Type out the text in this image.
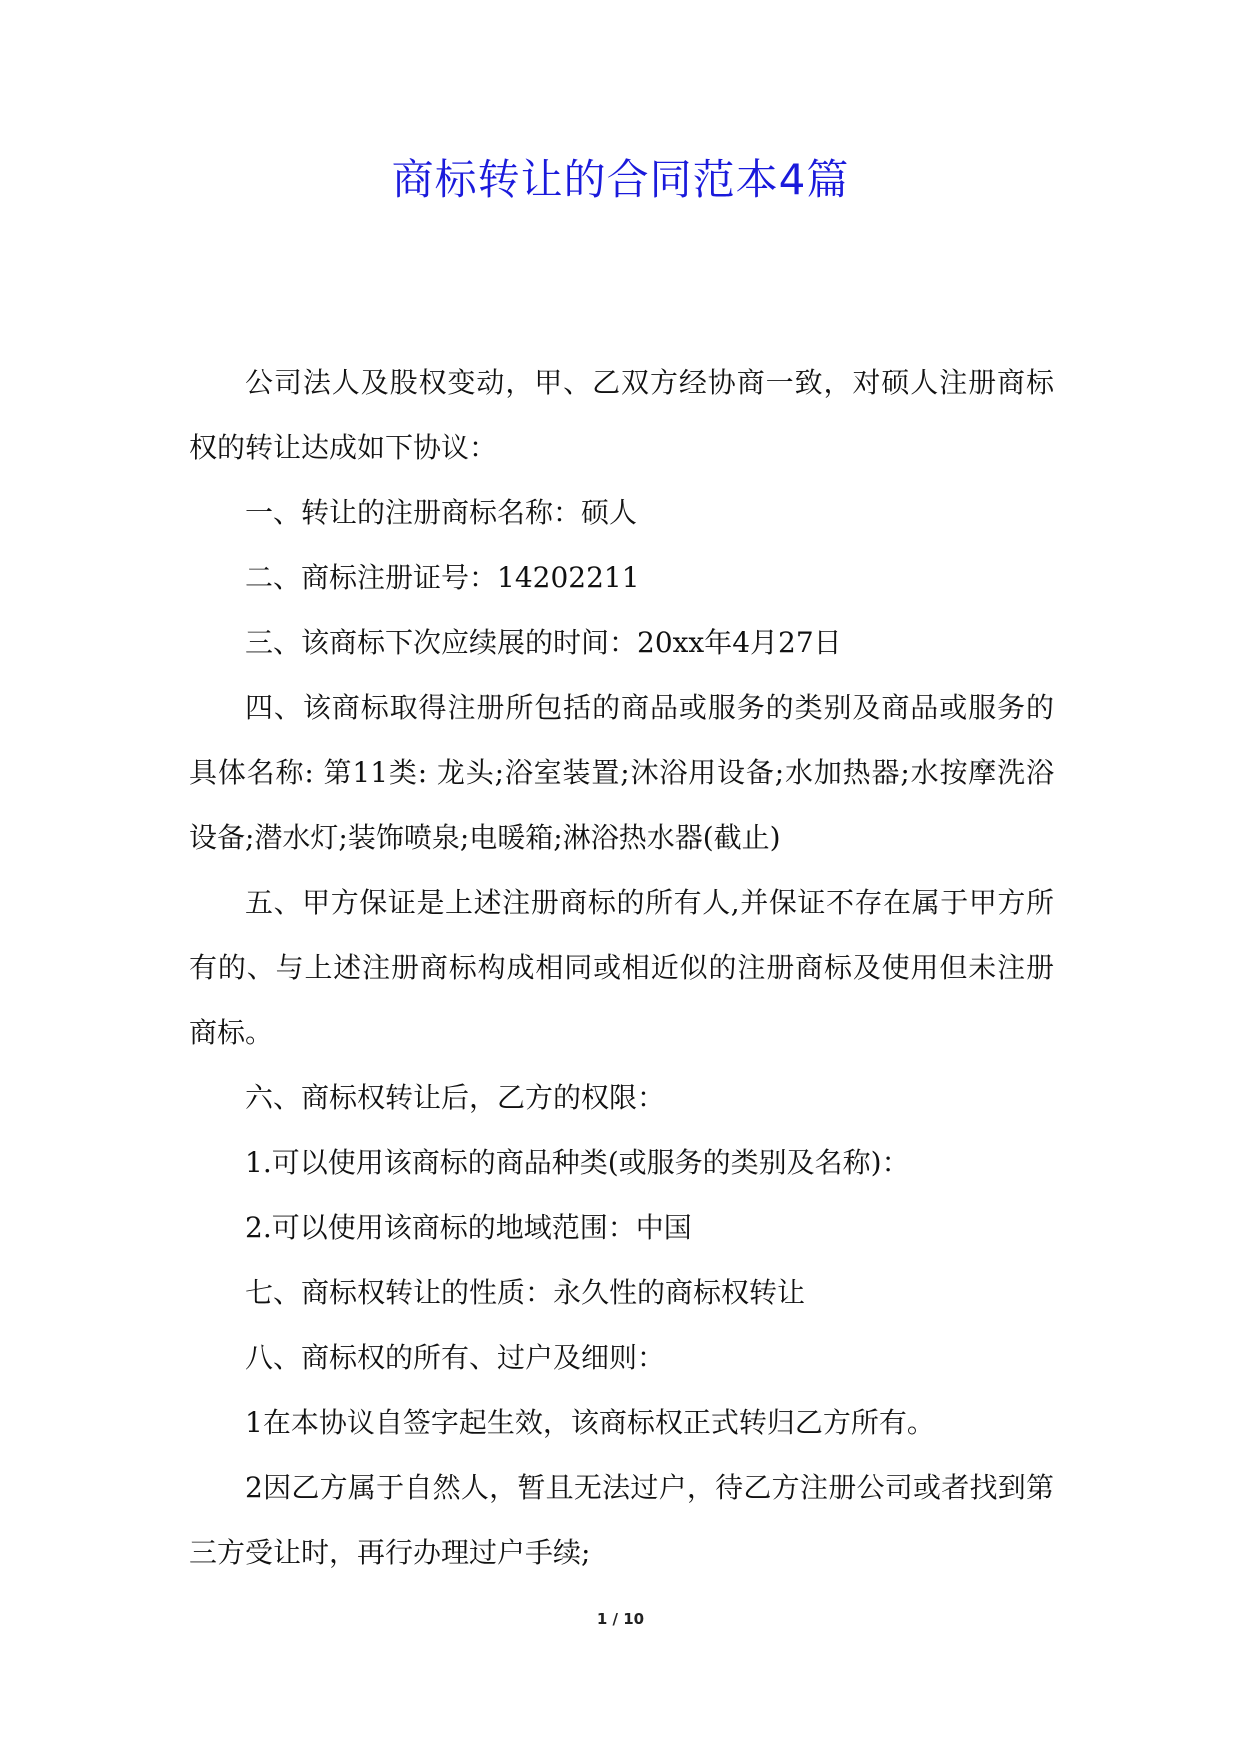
商标转让的合同范本4篇

公司法人及股权变动，甲、乙双方经协商一致，对硕人注册商标权的转让达成如下协议：

一、转让的注册商标名称：硕人

二、商标注册证号：14202211

三、该商标下次应续展的时间：20xx年4月27日

四、该商标取得注册所包括的商品或服务的类别及商品或服务的具体名称: 第11类: 龙头;浴室装置;沐浴用设备;水加热器;水按摩洗浴设备;潜水灯;装饰喷泉;电暖箱;淋浴热水器(截止)

五、甲方保证是上述注册商标的所有人,并保证不存在属于甲方所有的、与上述注册商标构成相同或相近似的注册商标及使用但未注册商标。

六、商标权转让后，乙方的权限：

1.可以使用该商标的商品种类(或服务的类别及名称)：

2.可以使用该商标的地域范围：中国

七、商标权转让的性质：永久性的商标权转让

八、商标权的所有、过户及细则：

1在本协议自签字起生效，该商标权正式转归乙方所有。

2因乙方属于自然人，暂且无法过户，待乙方注册公司或者找到第三方受让时，再行办理过户手续;

1 / 10
